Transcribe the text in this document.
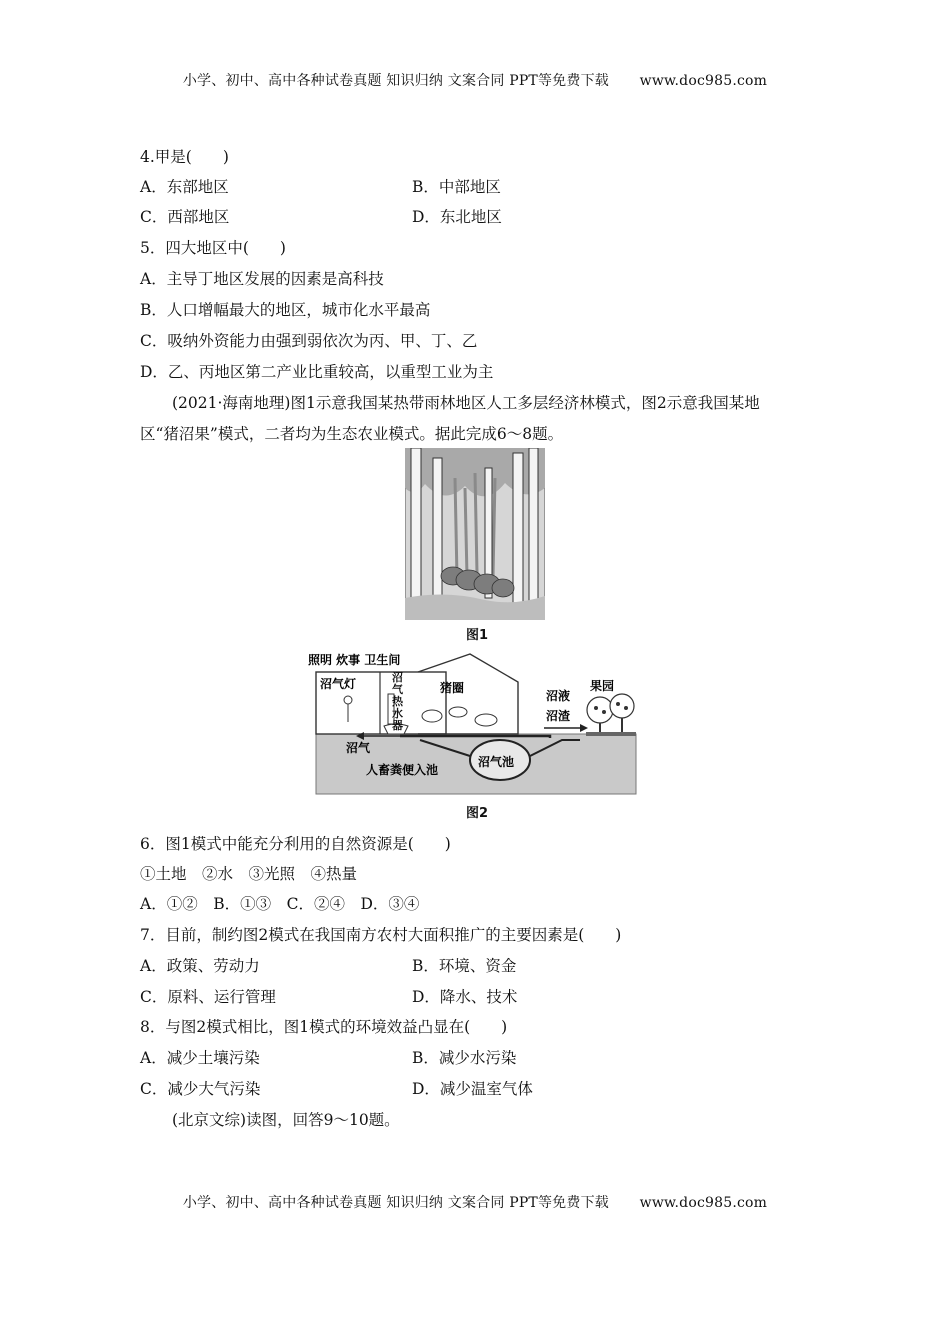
小学、初中、高中各种试卷真题 知识归纳 文案合同 PPT等免费下载 www.doc985.com
4.甲是(　　)
A．东部地区	B．中部地区
C．西部地区	D．东北地区
5．四大地区中(　　)
A．主导丁地区发展的因素是高科技
B．人口增幅最大的地区，城市化水平最高
C．吸纳外资能力由强到弱依次为丙、甲、丁、乙
D．乙、丙地区第二产业比重较高，以重型工业为主
(2021·海南地理)图1示意我国某热带雨林地区人工多层经济林模式，图2示意我国某地
区“猪沼果”模式，二者均为生态农业模式。据此完成6～8题。
图1
照明 炊事 卫生间
沼气灯	猪圈
沼液
沼渣
果园
沼气
人畜粪便入池
沼气池
沼气热水器
图2
6．图1模式中能充分利用的自然资源是(　　)
①土地　②水　③光照　④热量
A．①②　B．①③　C．②④　D．③④
7．目前，制约图2模式在我国南方农村大面积推广的主要因素是(　　)
A．政策、劳动力	B．环境、资金
C．原料、运行管理	D．降水、技术
8．与图2模式相比，图1模式的环境效益凸显在(　　)
A．减少土壤污染	B．减少水污染
C．减少大气污染	D．减少温室气体
(北京文综)读图，回答9～10题。
小学、初中、高中各种试卷真题 知识归纳 文案合同 PPT等免费下载 www.doc985.com
